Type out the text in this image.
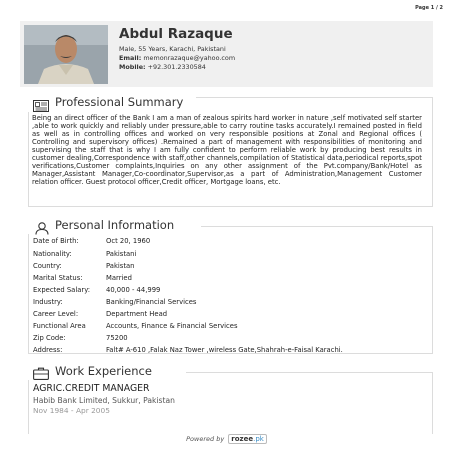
Page 1 / 2
Abdul Razaque
Male, 55 Years, Karachi, Pakistani
Email: memonrazaque@yahoo.com
Mobile: +92.301.2330584
Professional Summary

Being an direct officer of the Bank I am a man of zealous spirits hard worker in nature ,self motivated self starter ,able to work quickly and reliably under pressure,able to carry routine tasks accurately.I remained posted in field as well as in controlling offices and worked on very responsible positions at Zonal and Regional offices ( Controlling and supervisory offices) .Remained a part of management with responsibilities of monitoring and supervising the staff that is why I am fully confident to perform reliable work by producing best results in customer dealing,Correspondence with staff,other channels,compilation of Statistical data,periodical reports,spot verifications,Customer complaints,Inquiries on any other assignment of the Pvt.company/Bank/Hotel as Manager,Assistant Manager,Co-coordinator,Supervisor,as a part of Administration,Management Customer relation officer. Guest protocol officer,Credit officer, Mortgage loans, etc.

Personal Information
Date of Birth:	Oct 20, 1960
Nationality:	Pakistani
Country:	Pakistan
Marital Status:	Married
Expected Salary: 40,000 - 44,999
Industry:	Banking/Financial Services
Career Level:	Department Head
Functional Area	Accounts, Finance & Financial Services
Zip Code:	75200
Address:	Falt# A-610 ,Falak Naz Tower ,wireless Gate,Shahrah-e-Faisal Karachi.
Work Experience
AGRIC.CREDIT MANAGER
Habib Bank Limited, Sukkur, Pakistan
Nov 1984 - Apr 2005
Powered by rozee.pk
